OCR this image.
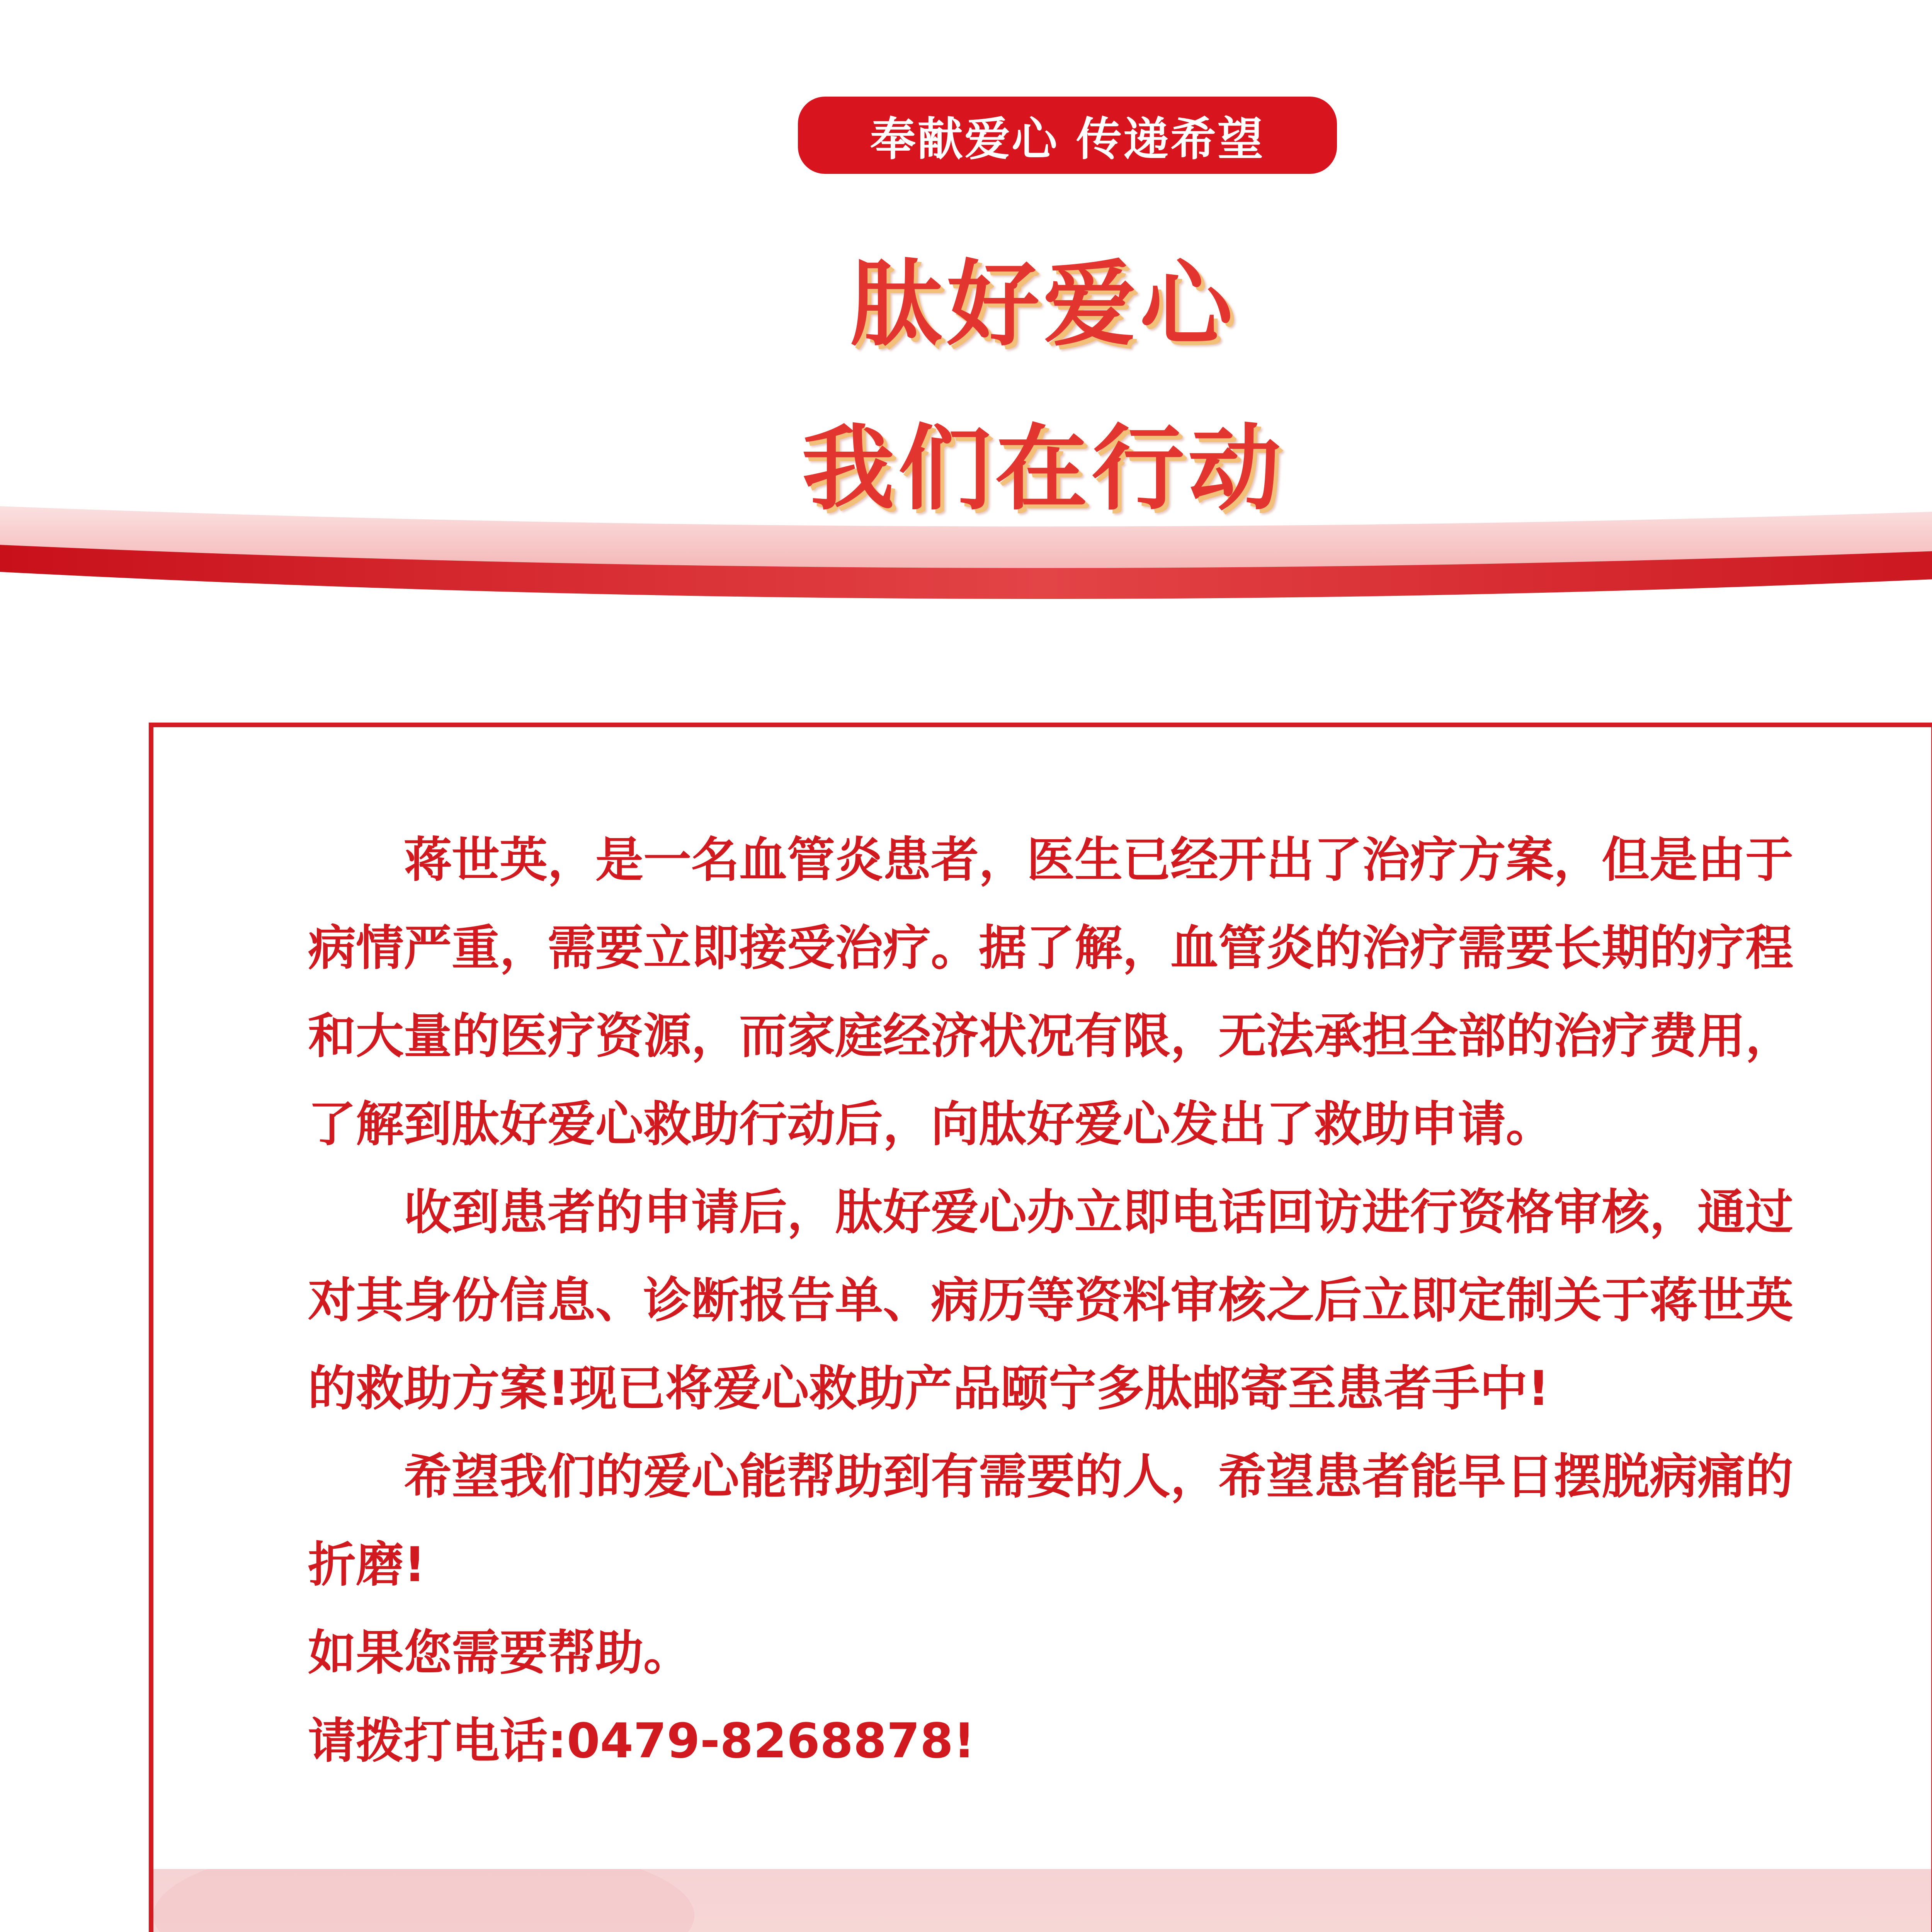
奉献爱心 传递希望
肽好爱心
我们在行动

蒋世英，是一名血管炎患者，医生已经开出了治疗方案，但是由于病情严重，需要立即接受治疗。据了解，血管炎的治疗需要长期的疗程和大量的医疗资源，而家庭经济状况有限，无法承担全部的治疗费用，了解到肽好爱心救助行动后，向肽好爱心发出了救助申请。

收到患者的申请后，肽好爱心办立即电话回访进行资格审核，通过对其身份信息、诊断报告单、病历等资料审核之后立即定制关于蒋世英的救助方案!现已将爱心救助产品颐宁多肽邮寄至患者手中!

希望我们的爱心能帮助到有需要的人，希望患者能早日摆脱病痛的折磨!

如果您需要帮助。

请拨打电话:0479-8268878!
